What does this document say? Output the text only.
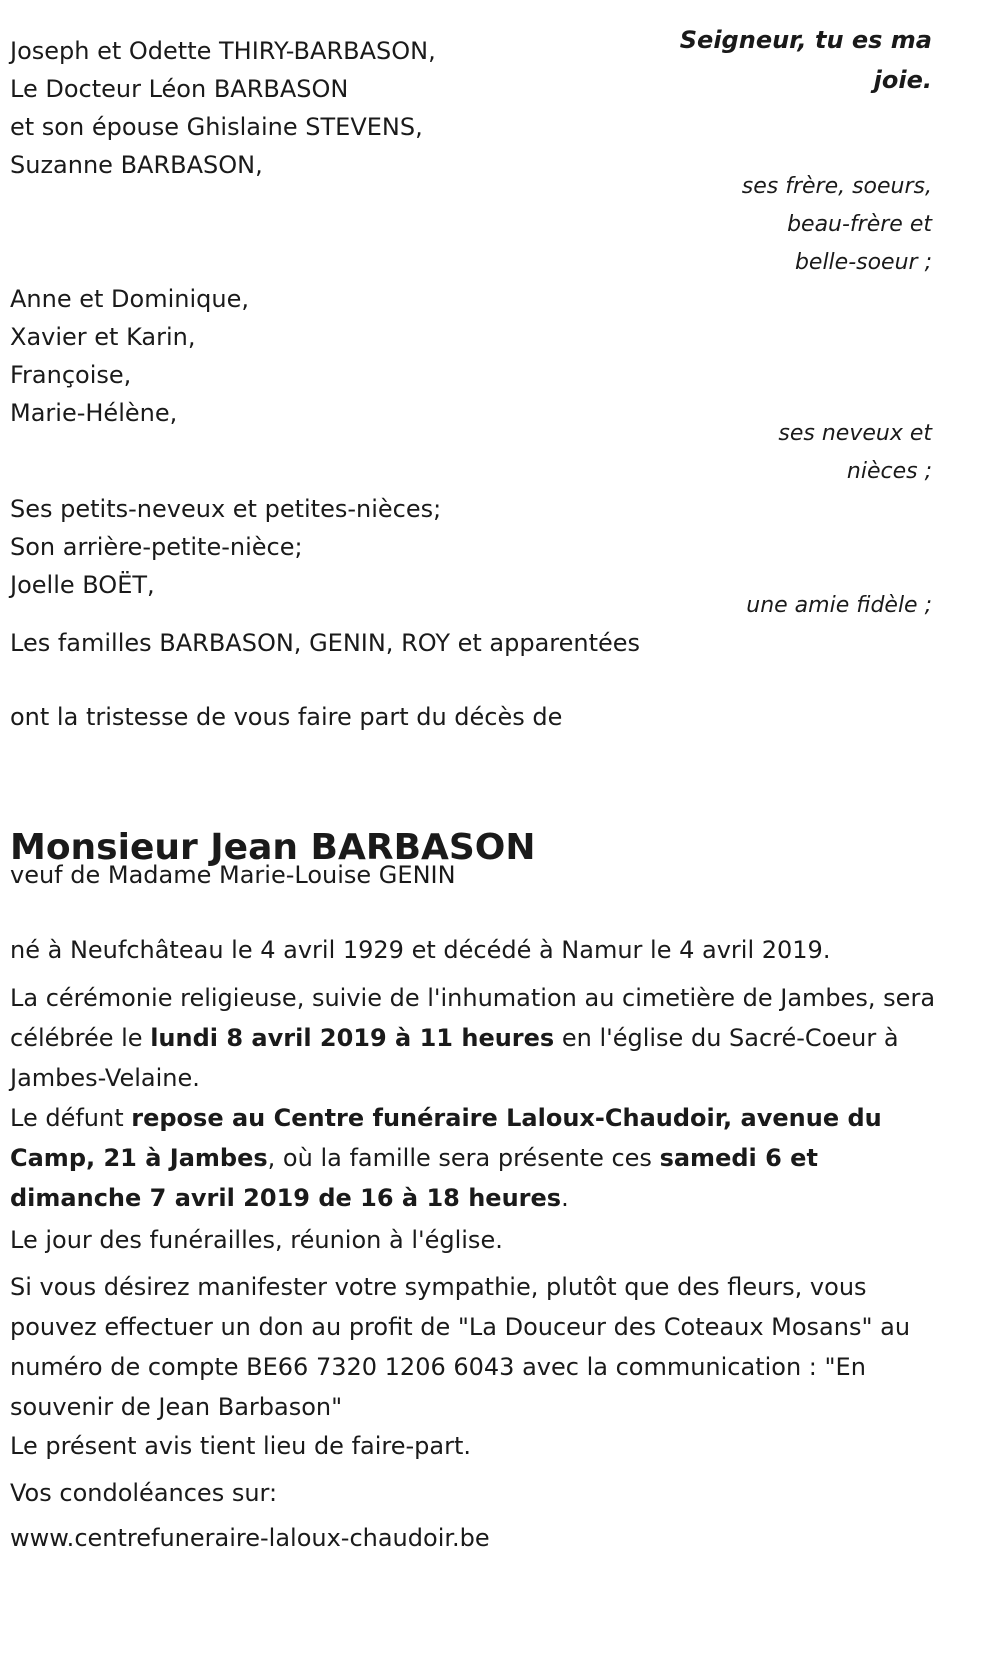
Seigneur, tu es ma joie.
Joseph et Odette THIRY-BARBASON,
Le Docteur Léon BARBASON
et son épouse Ghislaine STEVENS,
Suzanne BARBASON,
ses frère, soeurs,
beau-frère et
belle-soeur ;
Anne et Dominique,
Xavier et Karin,
Françoise,
Marie-Hélène,
ses neveux et
nièces ;
Ses petits-neveux et petites-nièces;
Son arrière-petite-nièce;
Joelle BOËT,
une amie fidèle ;
Les familles BARBASON, GENIN, ROY et apparentées
ont la tristesse de vous faire part du décès de
Monsieur Jean BARBASON
veuf de Madame Marie-Louise GENIN

né à Neufchâteau le 4 avril 1929 et décédé à Namur le 4 avril 2019.

La cérémonie religieuse, suivie de l'inhumation au cimetière de Jambes, sera célébrée le lundi 8 avril 2019 à 11 heures en l'église du Sacré-Coeur à Jambes-Velaine.

Le défunt repose au Centre funéraire Laloux-Chaudoir, avenue du Camp, 21 à Jambes, où la famille sera présente ces samedi 6 et dimanche 7 avril 2019 de 16 à 18 heures.

Le jour des funérailles, réunion à l'église.

Si vous désirez manifester votre sympathie, plutôt que des fleurs, vous pouvez effectuer un don au profit de "La Douceur des Coteaux Mosans" au numéro de compte BE66 7320 1206 6043 avec la communication : "En souvenir de Jean Barbason"

Le présent avis tient lieu de faire-part.

Vos condoléances sur:

www.centrefuneraire-laloux-chaudoir.be
